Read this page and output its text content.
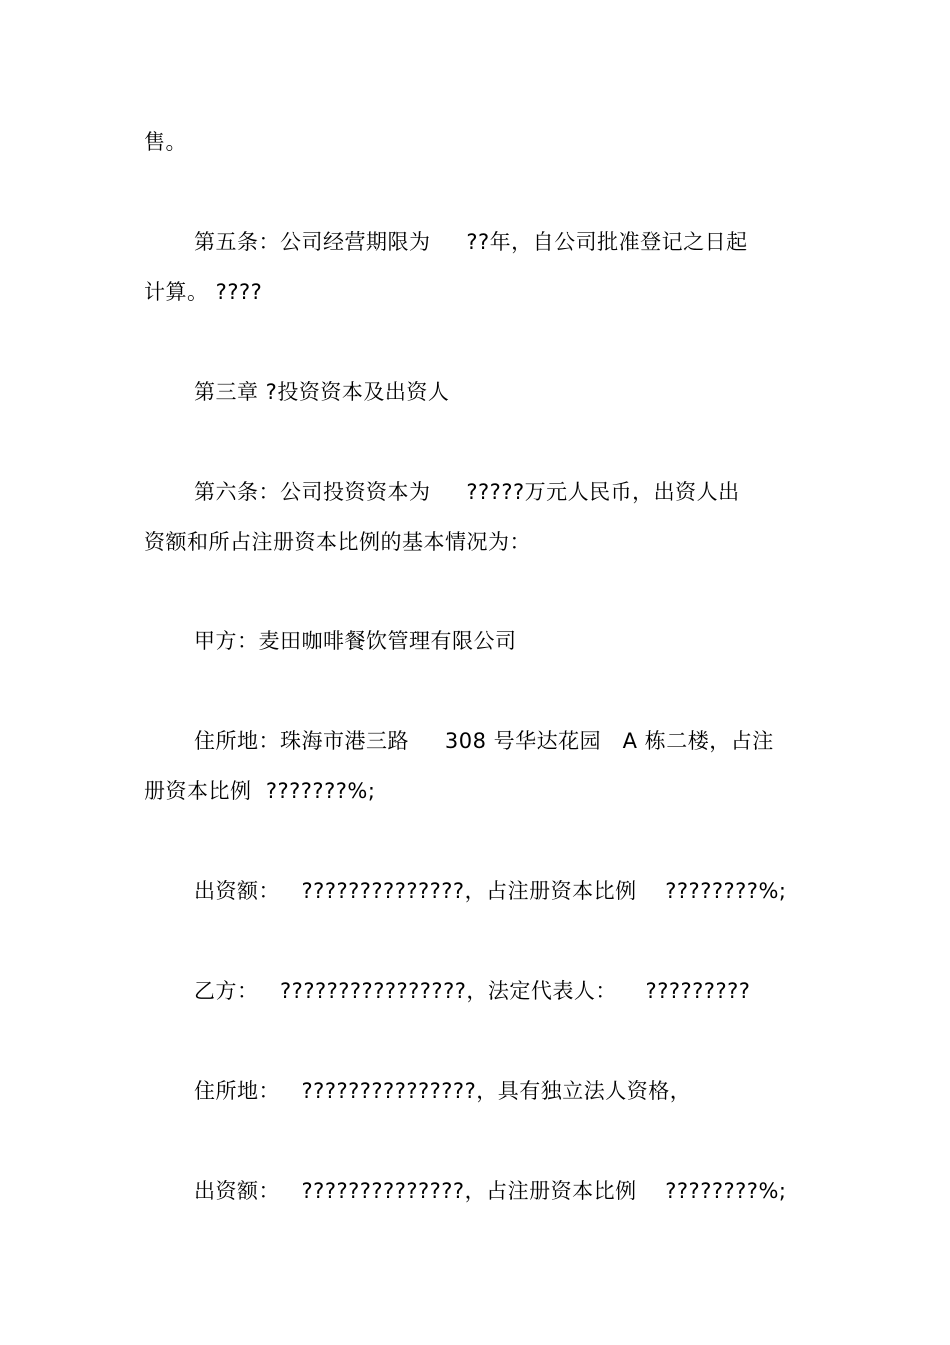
售。
第五条：公司经营期限为     ??年，自公司批准登记之日起
计算。 ????
第三章 ?投资资本及出资人
第六条：公司投资资本为     ?????万元人民币，出资人出
资额和所占注册资本比例的基本情况为：
甲方：麦田咖啡餐饮管理有限公司
住所地：珠海市港三路     308 号华达花园   A 栋二楼，占注
册资本比例  ???????%;
出资额：   ??????????????，占注册资本比例    ????????%;
乙方：   ????????????????，法定代表人：    ?????????
住所地：   ???????????????，具有独立法人资格，
出资额：   ??????????????，占注册资本比例    ????????%;
